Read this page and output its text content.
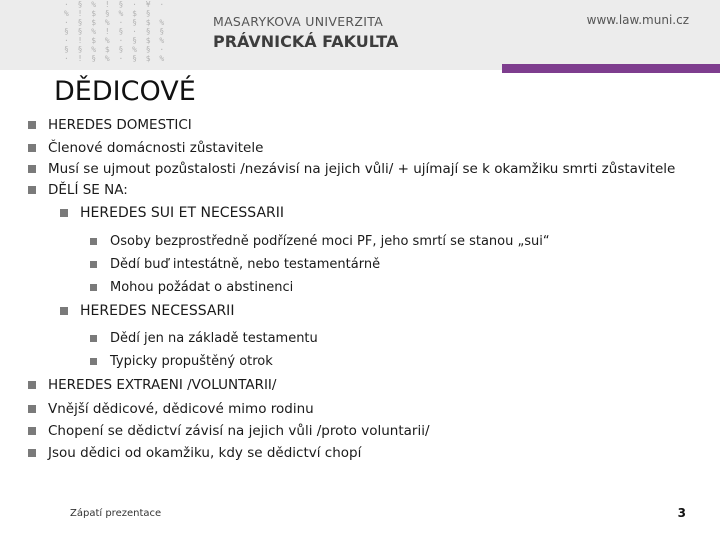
· § % ! § · ¥ ·
% ! $ § % $ §
· § $ % · § $ %
§ § % ! § · § §
· ! $ % · § $ %
§ § % $ § % § ·
· ! § % · § $ %
MASARYKOVA UNIVERZITA
PRÁVNICKÁ FAKULTA
www.law.muni.cz
DĚDICOVÉ
HEREDES DOMESTICI
Členové domácnosti zůstavitele
Musí se ujmout pozůstalosti /nezávisí na jejich vůli/ + ujímají se k okamžiku smrti zůstavitele
DĚLÍ SE NA:
HEREDES SUI ET NECESSARII
Osoby bezprostředně podřízené moci PF, jeho smrtí se stanou „sui“
Dědí buď intestátně, nebo testamentárně
Mohou požádat o abstinenci
HEREDES NECESSARII
Dědí jen na základě testamentu
Typicky propuštěný otrok
HEREDES EXTRAENI /VOLUNTARII/
Vnější dědicové, dědicové mimo rodinu
Chopení se dědictví závisí na jejich vůli /proto voluntarii/
Jsou dědici od okamžiku, kdy se dědictví chopí
Zápatí prezentace	3
